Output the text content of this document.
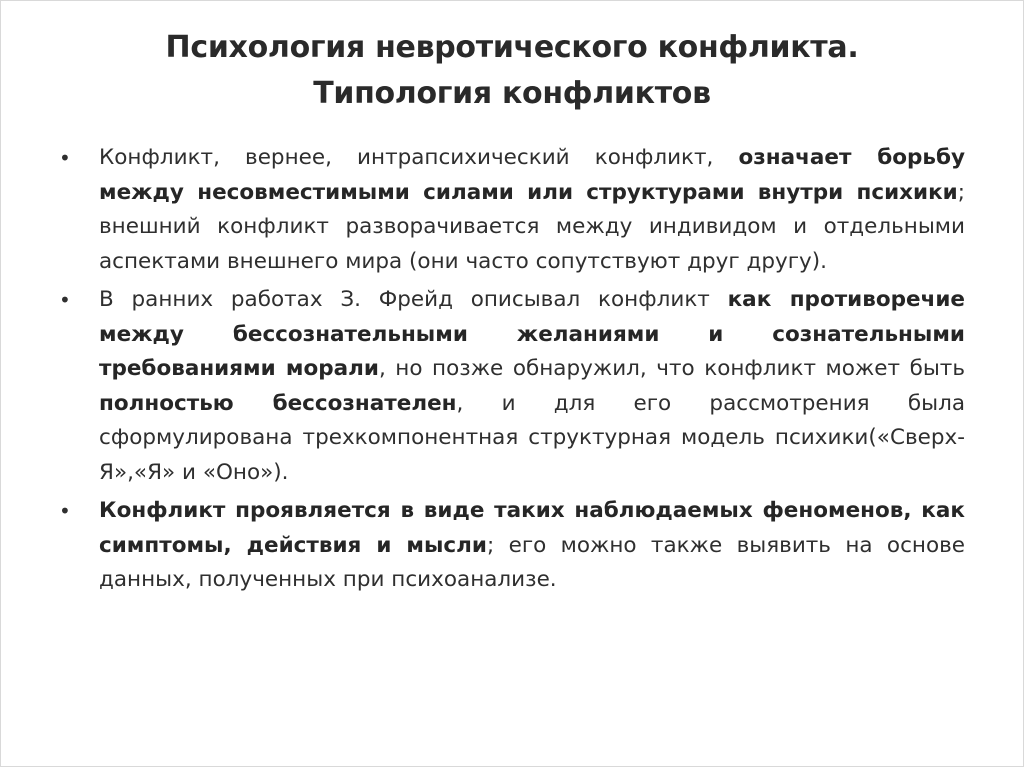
Психология невротического конфликта.
Типология конфликтов
•	Конфликт, вернее, интрапсихический конфликт, означает борьбу между несовместимыми силами или структурами внутри психики; внешний конфликт разворачивается между индивидом и отдельными аспектами внешнего мира (они часто сопутствуют друг другу).
•	В ранних работах З. Фрейд описывал конфликт как противоречие между бессознательными желаниями и сознательными требованиями морали, но позже обнаружил, что конфликт может быть полностью бессознателен, и для его рассмотрения была сформулирована трехкомпонентная структурная модель психики(«Сверх-Я»,«Я» и «Оно»).
•	Конфликт проявляется в виде таких наблюдаемых феноменов, как симптомы, действия и мысли; его можно также выявить на основе данных, полученных при психоанализе.
